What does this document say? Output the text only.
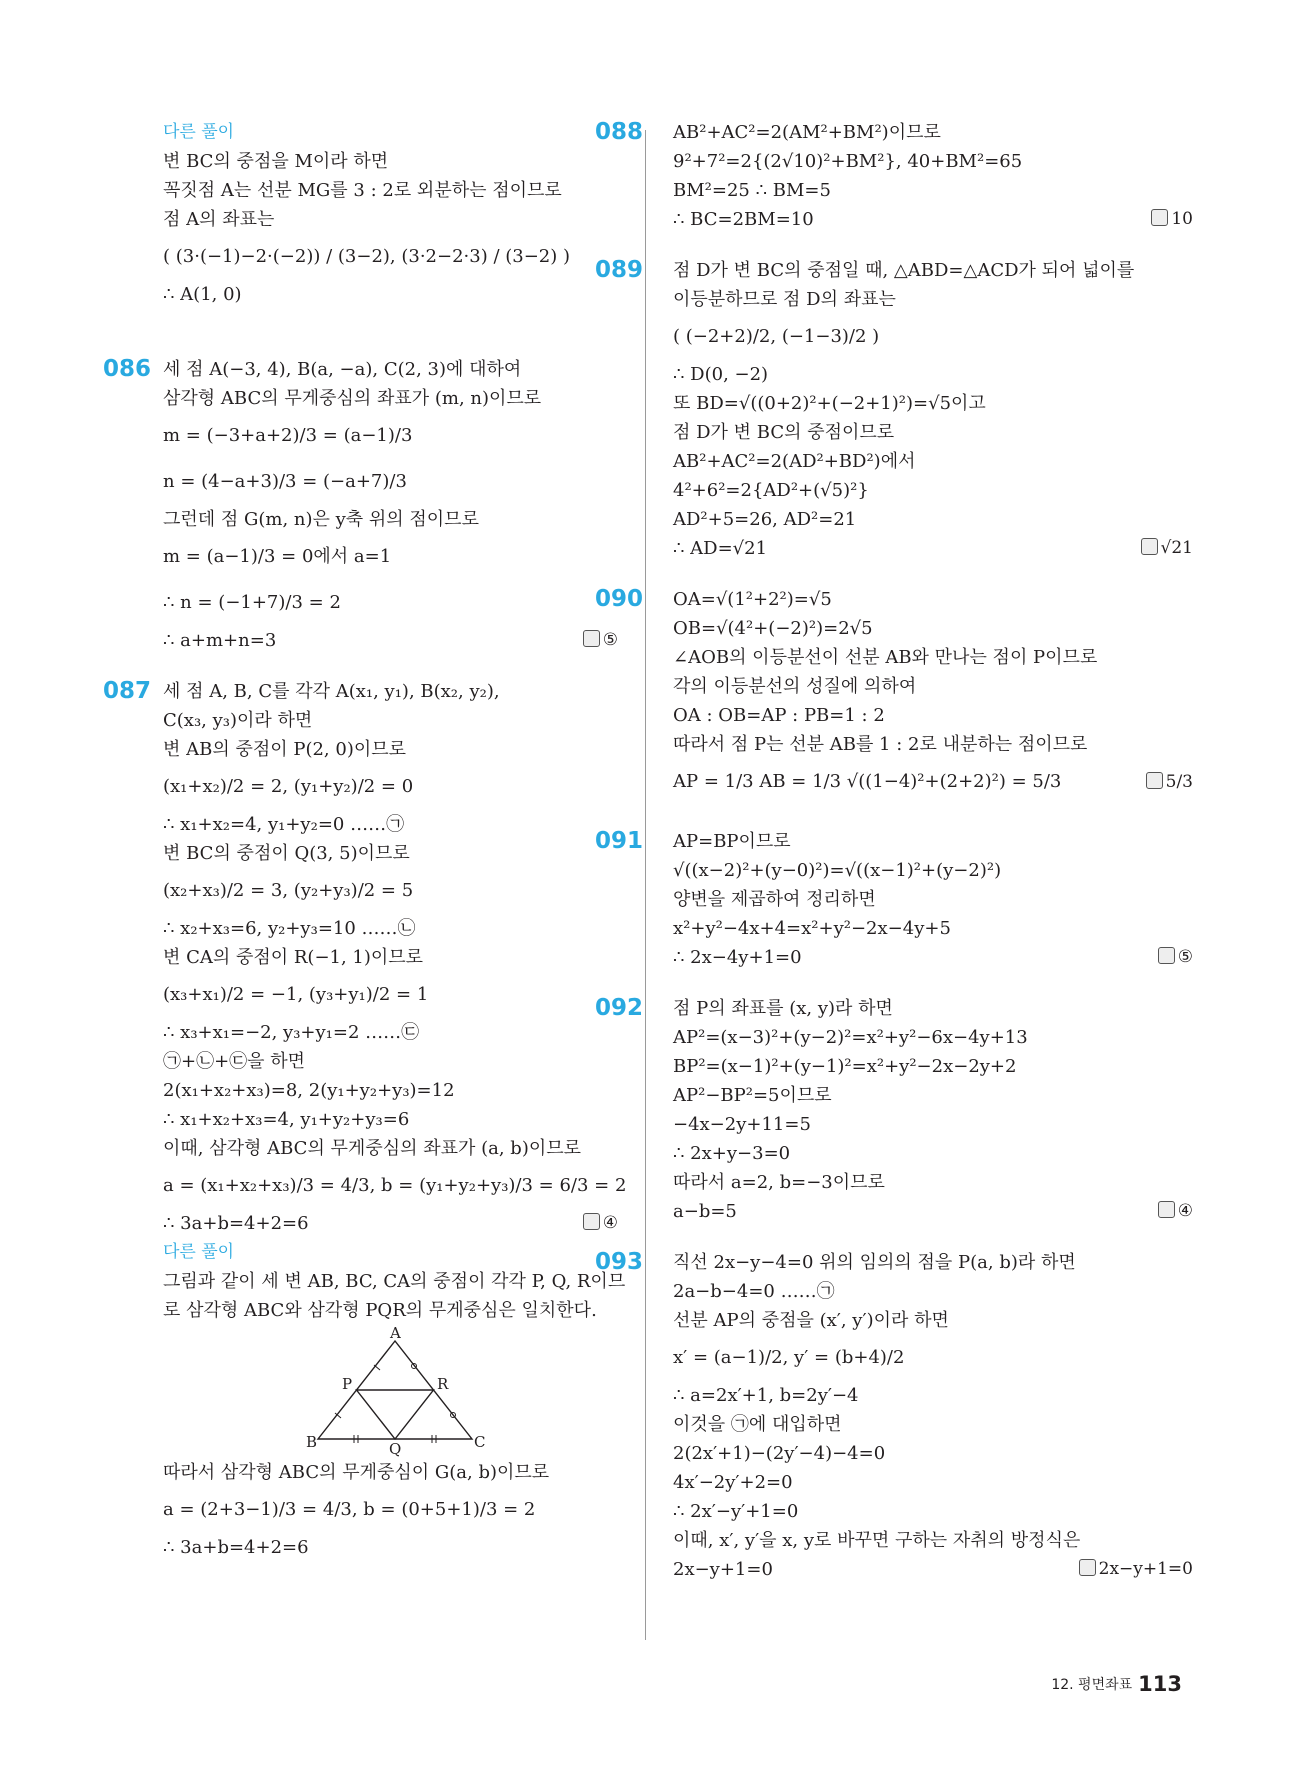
다른 풀이
변 BC의 중점을 M이라 하면
꼭짓점 A는 선분 MG를 3 : 2로 외분하는 점이므로
점 A의 좌표는
( (3·(−1)−2·(−2)) / (3−2), (3·2−2·3) / (3−2) )
∴ A(1, 0)
086 세 점 A(−3, 4), B(a, −a), C(2, 3)에 대하여
삼각형 ABC의 무게중심의 좌표가 (m, n)이므로
m = (−3+a+2)/3 = (a−1)/3
n = (4−a+3)/3 = (−a+7)/3
그런데 점 G(m, n)은 y축 위의 점이므로
m = (a−1)/3 = 0에서 a=1
∴ n = (−1+7)/3 = 2
∴ a+m+n=3	⑤
087 세 점 A, B, C를 각각 A(x₁, y₁), B(x₂, y₂),
C(x₃, y₃)이라 하면
변 AB의 중점이 P(2, 0)이므로
(x₁+x₂)/2 = 2, (y₁+y₂)/2 = 0
∴ x₁+x₂=4, y₁+y₂=0 ……㉠
변 BC의 중점이 Q(3, 5)이므로
(x₂+x₃)/2 = 3, (y₂+y₃)/2 = 5
∴ x₂+x₃=6, y₂+y₃=10 ……㉡
변 CA의 중점이 R(−1, 1)이므로
(x₃+x₁)/2 = −1, (y₃+y₁)/2 = 1
∴ x₃+x₁=−2, y₃+y₁=2 ……㉢
㉠+㉡+㉢을 하면
2(x₁+x₂+x₃)=8, 2(y₁+y₂+y₃)=12
∴ x₁+x₂+x₃=4, y₁+y₂+y₃=6
이때, 삼각형 ABC의 무게중심의 좌표가 (a, b)이므로
a = (x₁+x₂+x₃)/3 = 4/3, b = (y₁+y₂+y₃)/3 = 6/3 = 2
∴ 3a+b=4+2=6	④
다른 풀이
그림과 같이 세 변 AB, BC, CA의 중점이 각각 P, Q, R이므
로 삼각형 ABC와 삼각형 PQR의 무게중심은 일치한다.
A
B	C
P
Q
R
따라서 삼각형 ABC의 무게중심이 G(a, b)이므로
a = (2+3−1)/3 = 4/3, b = (0+5+1)/3 = 2
∴ 3a+b=4+2=6
088 AB²+AC²=2(AM²+BM²)이므로
9²+7²=2{(2√10)²+BM²}, 40+BM²=65
BM²=25 ∴ BM=5
∴ BC=2BM=10	10
089 점 D가 변 BC의 중점일 때, △ABD=△ACD가 되어 넓이를
이등분하므로 점 D의 좌표는
( (−2+2)/2, (−1−3)/2 )
∴ D(0, −2)
또 BD=√((0+2)²+(−2+1)²)=√5이고
점 D가 변 BC의 중점이므로
AB²+AC²=2(AD²+BD²)에서
4²+6²=2{AD²+(√5)²}
AD²+5=26, AD²=21
∴ AD=√21	√21
090 OA=√(1²+2²)=√5
OB=√(4²+(−2)²)=2√5
∠AOB의 이등분선이 선분 AB와 만나는 점이 P이므로
각의 이등분선의 성질에 의하여
OA : OB=AP : PB=1 : 2
따라서 점 P는 선분 AB를 1 : 2로 내분하는 점이므로
AP = 1/3 AB = 1/3 √((1−4)²+(2+2)²) = 5/3	5/3
091 AP=BP이므로
√((x−2)²+(y−0)²)=√((x−1)²+(y−2)²)
양변을 제곱하여 정리하면
x²+y²−4x+4=x²+y²−2x−4y+5
∴ 2x−4y+1=0	⑤
092 점 P의 좌표를 (x, y)라 하면
AP²=(x−3)²+(y−2)²=x²+y²−6x−4y+13
BP²=(x−1)²+(y−1)²=x²+y²−2x−2y+2
AP²−BP²=5이므로
−4x−2y+11=5
∴ 2x+y−3=0
따라서 a=2, b=−3이므로
a−b=5	④
093 직선 2x−y−4=0 위의 임의의 점을 P(a, b)라 하면
2a−b−4=0 ……㉠
선분 AP의 중점을 (x′, y′)이라 하면
x′ = (a−1)/2, y′ = (b+4)/2
∴ a=2x′+1, b=2y′−4
이것을 ㉠에 대입하면
2(2x′+1)−(2y′−4)−4=0
4x′−2y′+2=0
∴ 2x′−y′+1=0
이때, x′, y′을 x, y로 바꾸면 구하는 자취의 방정식은
2x−y+1=0	2x−y+1=0
12. 평면좌표 113
